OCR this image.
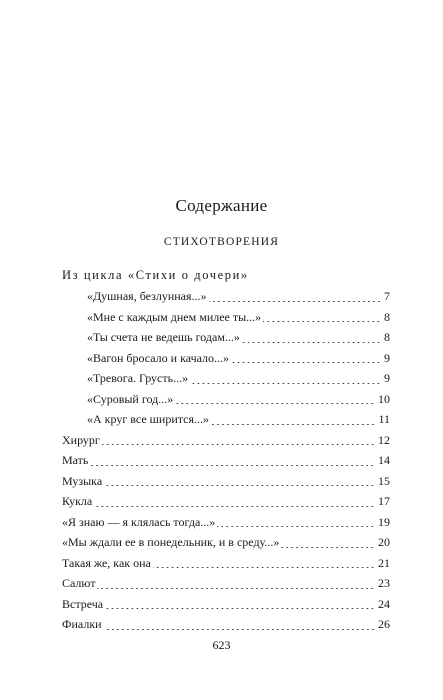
Содержание
СТИХОТВОРЕНИЯ
Из цикла «Стихи о дочери»
«Душная, безлунная...»	7
«Мне с каждым днем милее ты...»	8
«Ты счета не ведешь годам...»	8
«Вагон бросало и качало...»	9
«Тревога. Грусть...»	9
«Суровый год...»	10
«А круг все ширится...»	11
Хирург	12
Мать	14
Музыка	15
Кукла	17
«Я знаю — я клялась тогда...»	19
«Мы ждали ее в понедельник, и в среду...»	20
Такая же, как она	21
Салют	23
Встреча	24
Фиалки	26
623
